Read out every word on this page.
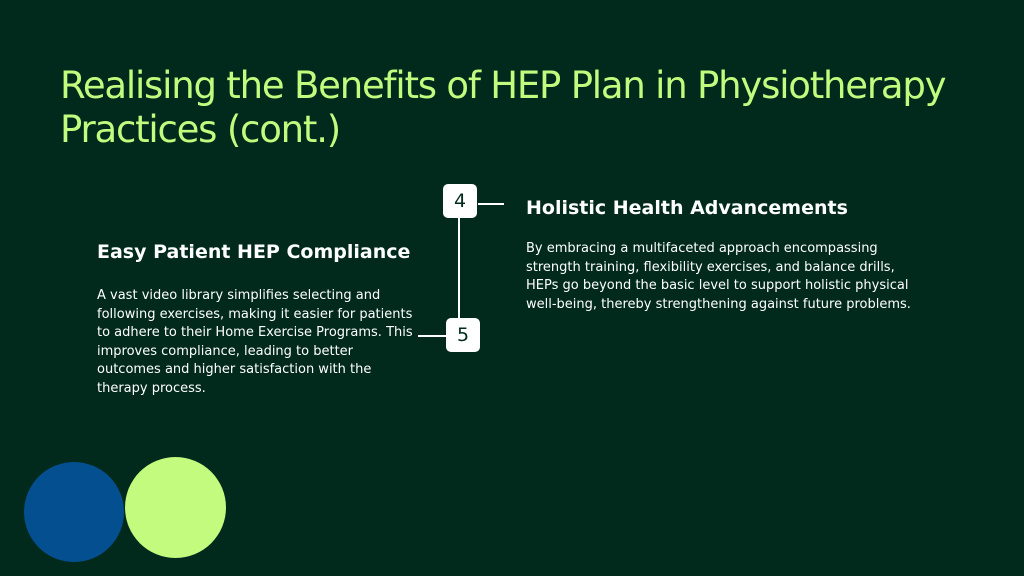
Realising the Benefits of HEP Plan in Physiotherapy Practices (cont.)
4	Holistic Health Advancements

By embracing a multifaceted approach encompassing strength training, flexibility exercises, and balance drills, HEPs go beyond the basic level to support holistic physical well-being, thereby strengthening against future problems.

5
Easy Patient HEP Compliance

A vast video library simplifies selecting and following exercises, making it easier for patients to adhere to their Home Exercise Programs. This improves compliance, leading to better outcomes and higher satisfaction with the therapy process.
